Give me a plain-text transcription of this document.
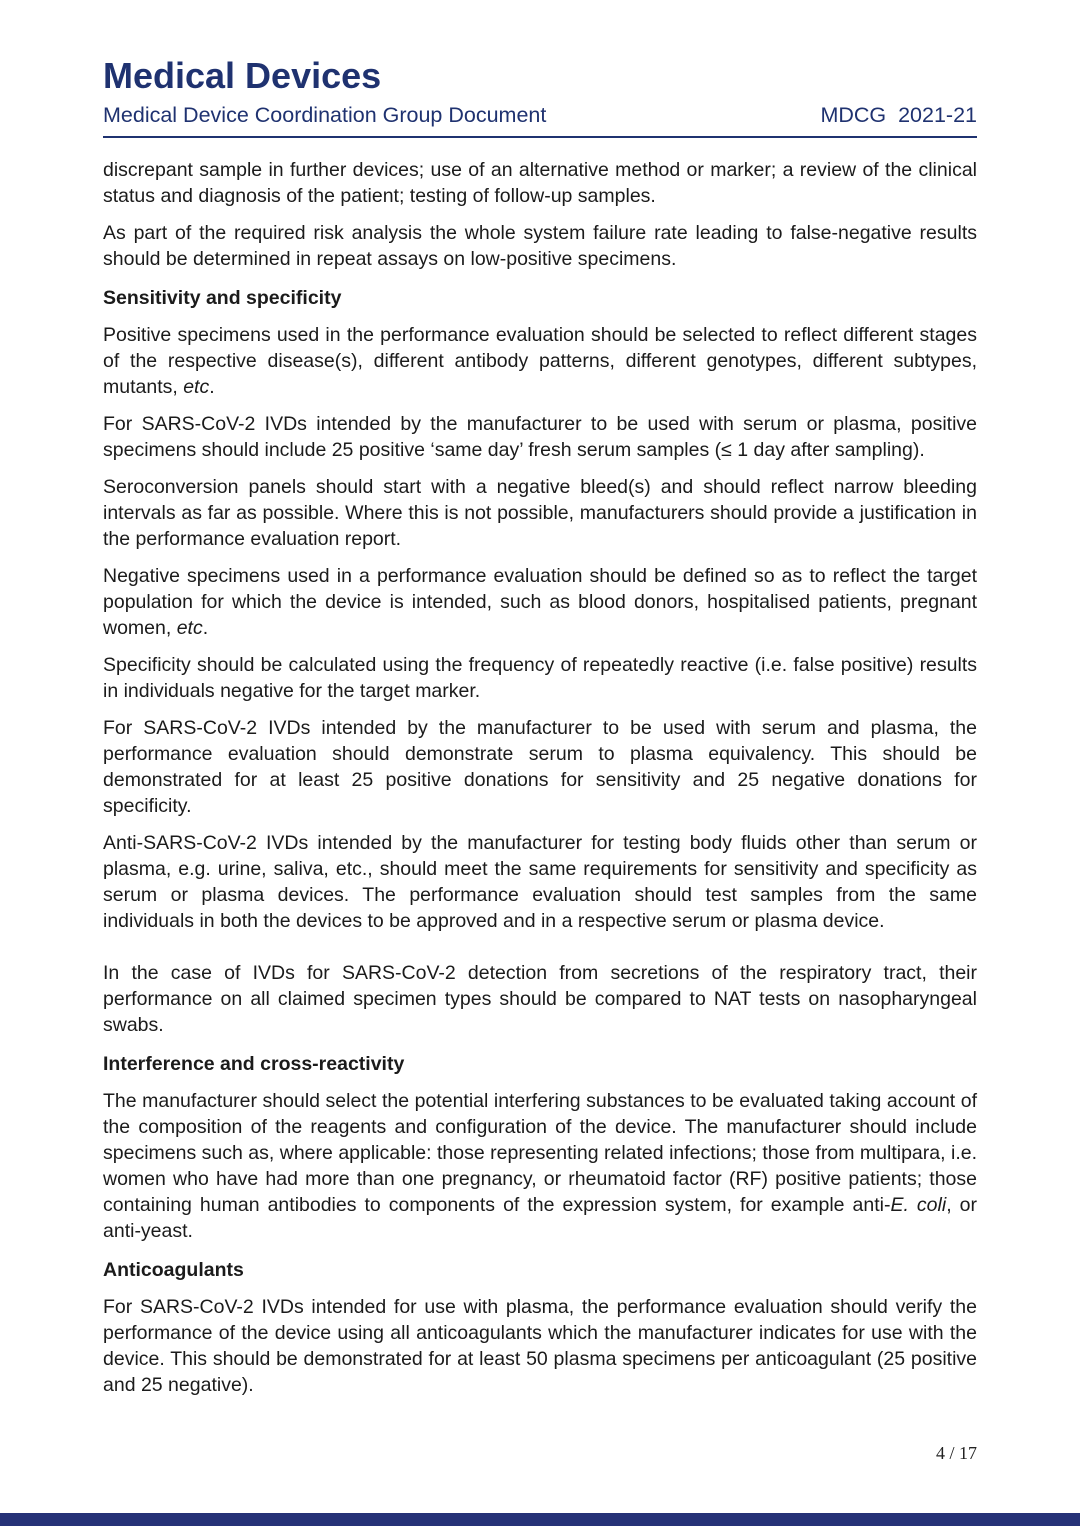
Medical Devices
Medical Device Coordination Group Document	MDCG  2021-21

discrepant sample in further devices; use of an alternative method or marker; a review of the clinical status and diagnosis of the patient; testing of follow-up samples.

As part of the required risk analysis the whole system failure rate leading to false-negative results should be determined in repeat assays on low-positive specimens.

Sensitivity and specificity

Positive specimens used in the performance evaluation should be selected to reflect different stages of the respective disease(s), different antibody patterns, different genotypes, different subtypes, mutants, etc.

For SARS-CoV-2 IVDs intended by the manufacturer to be used with serum or plasma, positive specimens should include 25 positive ‘same day’ fresh serum samples (≤ 1 day after sampling).

Seroconversion panels should start with a negative bleed(s) and should reflect narrow bleeding intervals as far as possible. Where this is not possible, manufacturers should provide a justification in the performance evaluation report.

Negative specimens used in a performance evaluation should be defined so as to reflect the target population for which the device is intended, such as blood donors, hospitalised patients, pregnant women, etc.

Specificity should be calculated using the frequency of repeatedly reactive (i.e. false positive) results in individuals negative for the target marker.

For SARS-CoV-2 IVDs intended by the manufacturer to be used with serum and plasma, the performance evaluation should demonstrate serum to plasma equivalency. This should be demonstrated for at least 25 positive donations for sensitivity and 25 negative donations for specificity.

Anti-SARS-CoV-2 IVDs intended by the manufacturer for testing body fluids other than serum or plasma, e.g. urine, saliva, etc., should meet the same requirements for sensitivity and specificity as serum or plasma devices. The performance evaluation should test samples from the same individuals in both the devices to be approved and in a respective serum or plasma device.

In the case of IVDs for SARS-CoV-2 detection from secretions of the respiratory tract, their performance on all claimed specimen types should be compared to NAT tests on nasopharyngeal swabs.

Interference and cross-reactivity

The manufacturer should select the potential interfering substances to be evaluated taking account of the composition of the reagents and configuration of the device. The manufacturer should include specimens such as, where applicable: those representing related infections; those from multipara, i.e. women who have had more than one pregnancy, or rheumatoid factor (RF) positive patients; those containing human antibodies to components of the expression system, for example anti-E. coli, or anti-yeast.

Anticoagulants

For SARS-CoV-2 IVDs intended for use with plasma, the performance evaluation should verify the performance of the device using all anticoagulants which the manufacturer indicates for use with the device. This should be demonstrated for at least 50 plasma specimens per anticoagulant (25 positive and 25 negative).

4 / 17
